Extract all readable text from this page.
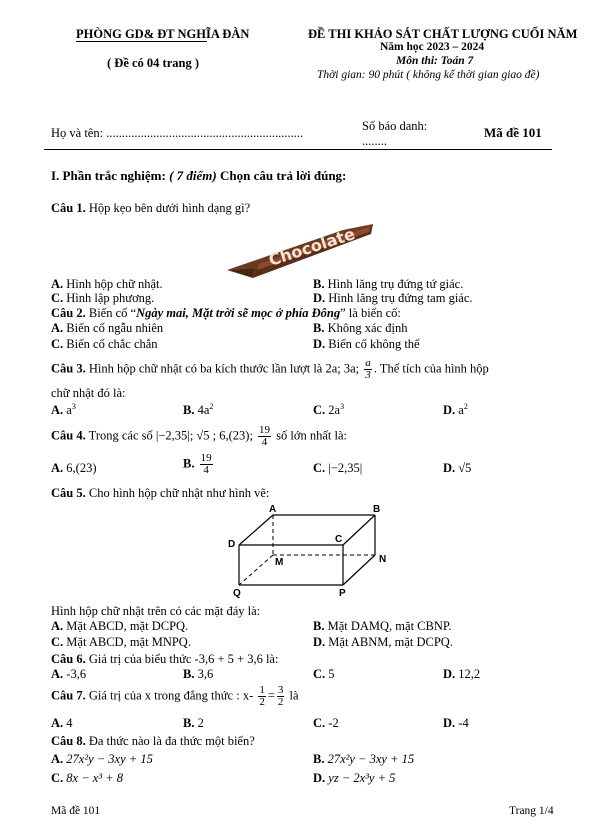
PHÒNG GD& ĐT NGHĨA ĐÀN
( Đề có 04 trang )
ĐỀ THI KHẢO SÁT CHẤT LƯỢNG CUỐI NĂM
Năm học 2023 – 2024
Môn thi: Toán 7
Thời gian: 90 phút ( không kể thời gian giao đề)
Họ và tên: ...............................................................	Số báo danh:
........
Mã đề 101
I. Phần trắc nghiệm: ( 7 điểm) Chọn câu trả lời đúng:
Câu 1. Hộp kẹo bên dưới hình dạng gì?
Chocolate
A. Hình hộp chữ nhật.	B. Hình lăng trụ đứng tứ giác.
C. Hình lập phương.	D. Hình lăng trụ đứng tam giác.
Câu 2. Biến cố “Ngày mai, Mặt trời sẽ mọc ở phía Đông” là biến cố:
A. Biến cố ngẫu nhiên	B. Không xác định
C. Biến cố chắc chắn	D. Biến cố không thể
Câu 3. Hình hộp chữ nhật có ba kích thước lần lượt là 2a; 3a; $\frac{a}{3}$ . Thể tích của hình hộp
chữ nhật đó là:
A. $a^3$	B. $4a^2$	C. $2a^3$	D. $a^2$
Câu 4. Trong các số |−2,35|; √5 ; 6,(23); $\frac{19}{4}$ số lớn nhất là:
A. 6,(23)	B. $\frac{19}{4}$	C. |−2,35|	D. √5
Câu 5. Cho hình hộp chữ nhật như hình vẽ:
A	B
C
D
M	N
P
Q
Hình hộp chữ nhật trên có các mặt đáy là:
A. Mặt ABCD, mặt DCPQ.	B. Mặt DAMQ, mặt CBNP.
C. Mặt ABCD, mặt MNPQ.	D. Mặt ABNM, mặt DCPQ.
Câu 6. Giá trị của biểu thức -3,6 + 5 + 3,6 là:
A. -3,6	B. 3,6	C. 5	D. 12,2
Câu 7. Giá trị của x trong đẳng thức : $x- \frac{1}{2} = \frac{3}{2}$ là
A. 4	B. 2	C. -2	D. -4
Câu 8. Đa thức nào là đa thức một biến?
A. 27x²y − 3xy + 15	B. 27x²y − 3xy + 15
C. 8x − x³ + 8	D. yz − 2x³y + 5
Mã đề 101	Trang 1/4
